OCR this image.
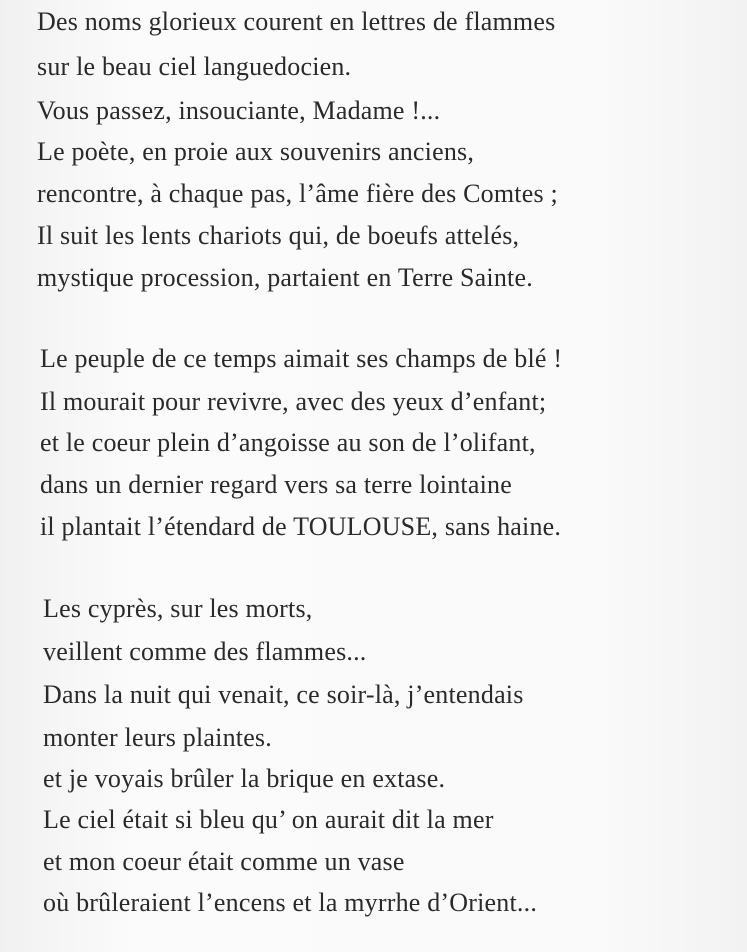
Des noms glorieux courent en lettres de flammes
sur le beau ciel languedocien.
Vous passez, insouciante, Madame !...
Le poète, en proie aux souvenirs anciens,
rencontre, à chaque pas, l’âme fière des Comtes ;
Il suit les lents chariots qui, de boeufs attelés,
mystique procession, partaient en Terre Sainte.
Le peuple de ce temps aimait ses champs de blé !
Il mourait pour revivre, avec des yeux d’enfant;
et le coeur plein d’angoisse au son de l’olifant,
dans un dernier regard vers sa terre lointaine
il plantait l’étendard de TOULOUSE, sans haine.
Les cyprès, sur les morts,
veillent comme des flammes...
Dans la nuit qui venait, ce soir-là, j’entendais
monter leurs plaintes.
et je voyais brûler la brique en extase.
Le ciel était si bleu qu’ on aurait dit la mer
et mon coeur était comme un vase
où brûleraient l’encens et la myrrhe d’Orient...
